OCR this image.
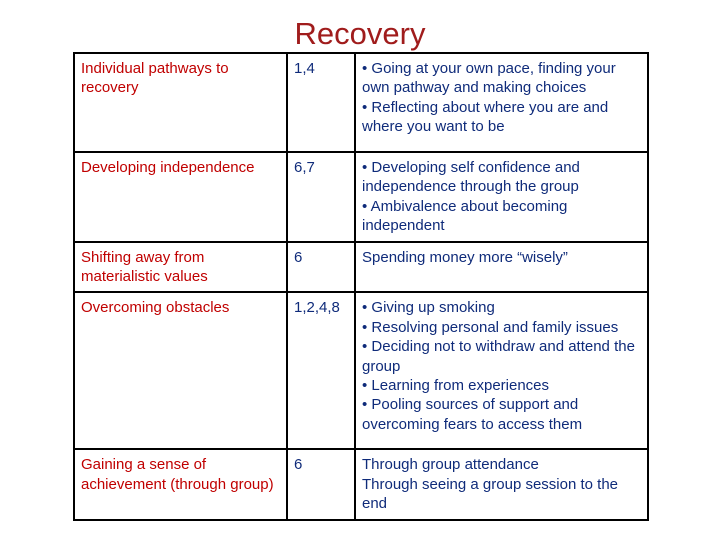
Recovery
Individual pathways to recovery	1,4	• Going at your own pace, finding your own pathway and making choices
• Reflecting about where you are and where you want to be

Developing independence	6,7	• Developing self confidence and independence through the group
• Ambivalence about becoming independent

Shifting away from materialistic values	6	Spending money more “wisely”

Overcoming obstacles	1,2,4,8	• Giving up smoking
• Resolving personal and family issues
• Deciding not to withdraw and attend the group
• Learning from experiences
• Pooling sources of support and overcoming fears to access them

Gaining a sense of achievement (through group)	6	Through group attendance
Through seeing a group session to the end
